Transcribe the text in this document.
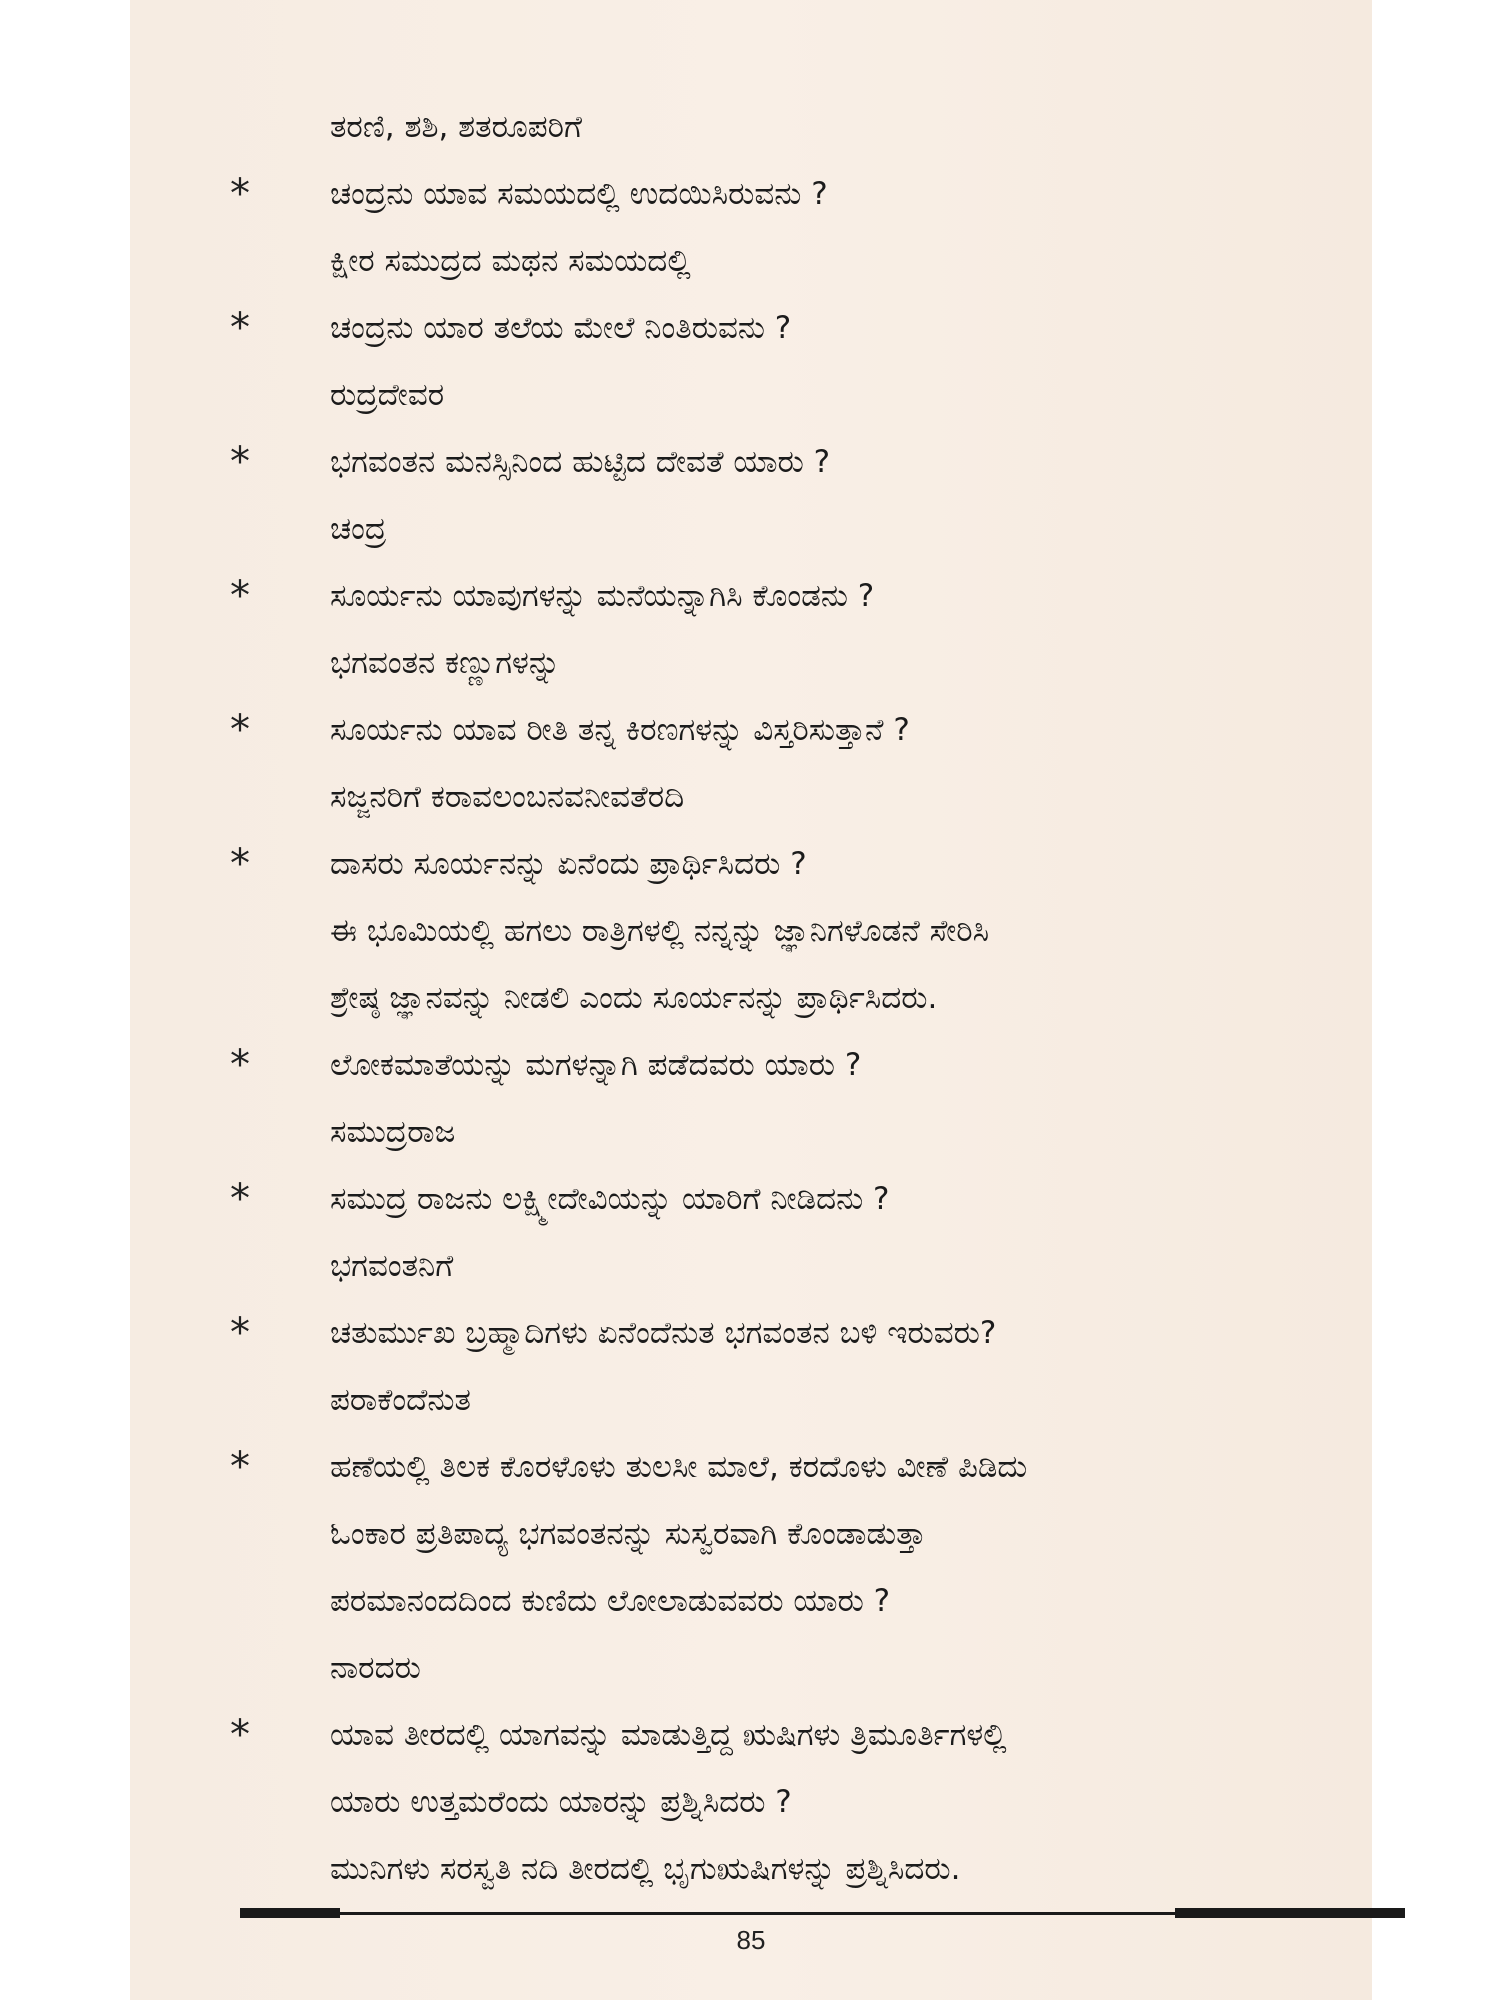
ತರಣಿ, ಶಶಿ, ಶತರೂಪರಿಗೆ
*	ಚಂದ್ರನು ಯಾವ ಸಮಯದಲ್ಲಿ ಉದಯಿಸಿರುವನು ?
ಕ್ಷೀರ ಸಮುದ್ರದ ಮಥನ ಸಮಯದಲ್ಲಿ
*	ಚಂದ್ರನು ಯಾರ ತಲೆಯ ಮೇಲೆ ನಿಂತಿರುವನು ?
ರುದ್ರದೇವರ
*	ಭಗವಂತನ ಮನಸ್ಸಿನಿಂದ ಹುಟ್ಟಿದ ದೇವತೆ ಯಾರು ?
ಚಂದ್ರ
*	ಸೂರ್ಯನು ಯಾವುಗಳನ್ನು ಮನೆಯನ್ನಾಗಿಸಿ ಕೊಂಡನು ?
ಭಗವಂತನ ಕಣ್ಣುಗಳನ್ನು
*	ಸೂರ್ಯನು ಯಾವ ರೀತಿ ತನ್ನ ಕಿರಣಗಳನ್ನು ವಿಸ್ತರಿಸುತ್ತಾನೆ ?
ಸಜ್ಜನರಿಗೆ ಕರಾವಲಂಬನವನೀವತೆರದಿ
*	ದಾಸರು ಸೂರ್ಯನನ್ನು ಏನೆಂದು ಪ್ರಾರ್ಥಿಸಿದರು ?
ಈ ಭೂಮಿಯಲ್ಲಿ ಹಗಲು ರಾತ್ರಿಗಳಲ್ಲಿ ನನ್ನನ್ನು ಜ್ಞಾನಿಗಳೊಡನೆ ಸೇರಿಸಿ
ಶ್ರೇಷ್ಠ ಜ್ಞಾನವನ್ನು ನೀಡಲಿ ಎಂದು ಸೂರ್ಯನನ್ನು ಪ್ರಾರ್ಥಿಸಿದರು.
*	ಲೋಕಮಾತೆಯನ್ನು ಮಗಳನ್ನಾಗಿ ಪಡೆದವರು ಯಾರು ?
ಸಮುದ್ರರಾಜ
*	ಸಮುದ್ರ ರಾಜನು ಲಕ್ಷ್ಮೀದೇವಿಯನ್ನು ಯಾರಿಗೆ ನೀಡಿದನು ?
ಭಗವಂತನಿಗೆ
*	ಚತುರ್ಮುಖ ಬ್ರಹ್ಮಾದಿಗಳು ಏನೆಂದೆನುತ ಭಗವಂತನ ಬಳಿ ಇರುವರು?
ಪರಾಕೆಂದೆನುತ
*	ಹಣೆಯಲ್ಲಿ ತಿಲಕ ಕೊರಳೊಳು ತುಲಸೀ ಮಾಲೆ, ಕರದೊಳು ವೀಣೆ ಪಿಡಿದು
ಓಂಕಾರ ಪ್ರತಿಪಾದ್ಯ ಭಗವಂತನನ್ನು ಸುಸ್ವರವಾಗಿ ಕೊಂಡಾಡುತ್ತಾ
ಪರಮಾನಂದದಿಂದ ಕುಣಿದು ಲೋಲಾಡುವವರು ಯಾರು ?
ನಾರದರು
*	ಯಾವ ತೀರದಲ್ಲಿ ಯಾಗವನ್ನು ಮಾಡುತ್ತಿದ್ದ ಋಷಿಗಳು ತ್ರಿಮೂರ್ತಿಗಳಲ್ಲಿ
ಯಾರು ಉತ್ತಮರೆಂದು ಯಾರನ್ನು ಪ್ರಶ್ನಿಸಿದರು ?
ಮುನಿಗಳು ಸರಸ್ವತಿ ನದಿ ತೀರದಲ್ಲಿ ಭೃಗುಋಷಿಗಳನ್ನು ಪ್ರಶ್ನಿಸಿದರು.
85
